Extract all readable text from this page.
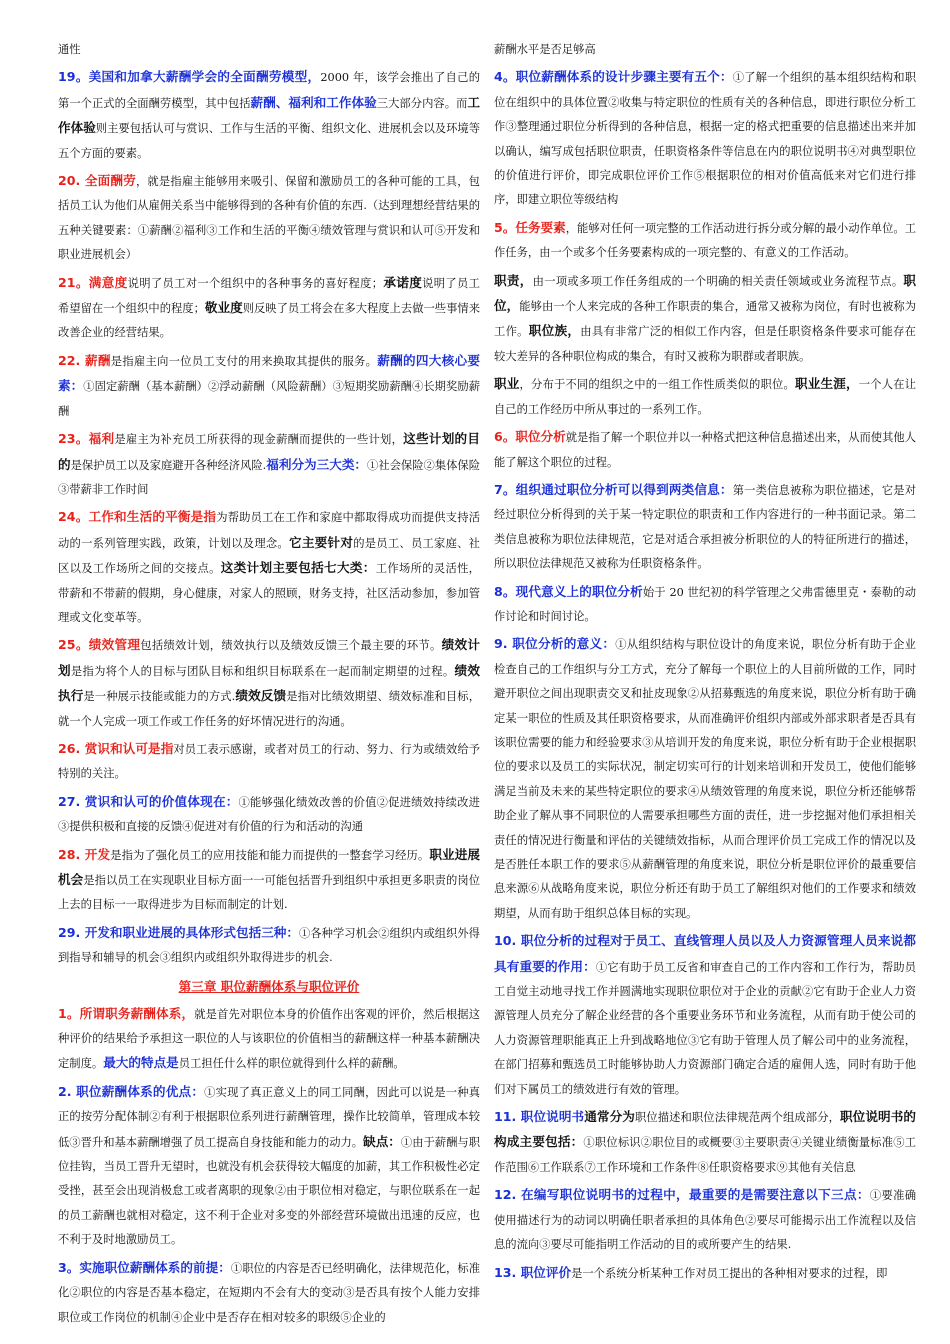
通性
19。美国和加拿大薪酬学会的全面酬劳模型，2000 年，该学会推出了自己的第一个正式的全面酬劳模型，其中包括薪酬、福利和工作体验三大部分内容。而工作体验则主要包括认可与赏识、工作与生活的平衡、组织文化、进展机会以及环境等五个方面的要素。
20. 全面酬劳，就是指雇主能够用来吸引、保留和激励员工的各种可能的工具，包括员工认为他们从雇佣关系当中能够得到的各种有价值的东西.（达到理想经营结果的五种关键要素：①薪酬②福利③工作和生活的平衡④绩效管理与赏识和认可⑤开发和职业进展机会）
21。满意度说明了员工对一个组织中的各种事务的喜好程度；承诺度说明了员工希望留在一个组织中的程度；敬业度则反映了员工将会在多大程度上去做一些事情来改善企业的经营结果。
22. 薪酬是指雇主向一位员工支付的用来换取其提供的服务。薪酬的四大核心要素：①固定薪酬（基本薪酬）②浮动薪酬（风险薪酬）③短期奖励薪酬④长期奖励薪酬
23。福利是雇主为补充员工所获得的现金薪酬而提供的一些计划，这些计划的目的是保护员工以及家庭避开各种经济风险.福利分为三大类：①社会保险②集体保险③带薪非工作时间
24。工作和生活的平衡是指为帮助员工在工作和家庭中都取得成功而提供支持活动的一系列管理实践，政策，计划以及理念。它主要针对的是员工、员工家庭、社区以及工作场所之间的交接点。这类计划主要包括七大类：工作场所的灵活性，带薪和不带薪的假期，身心健康，对家人的照顾，财务支持，社区活动参加，参加管理或文化变革等。
25。绩效管理包括绩效计划，绩效执行以及绩效反馈三个最主要的环节。绩效计划是指为将个人的目标与团队目标和组织目标联系在一起而制定期望的过程。绩效执行是一种展示技能或能力的方式.绩效反馈是指对比绩效期望、绩效标准和目标，就一个人完成一项工作或工作任务的好坏情况进行的沟通。
26. 赏识和认可是指对员工表示感谢，或者对员工的行动、努力、行为或绩效给予特别的关注。
27. 赏识和认可的价值体现在：①能够强化绩效改善的价值②促进绩效持续改进③提供积极和直接的反馈④促进对有价值的行为和活动的沟通
28. 开发是指为了强化员工的应用技能和能力而提供的一整套学习经历。职业进展机会是指以员工在实现职业目标方面一一可能包括晋升到组织中承担更多职责的岗位上去的目标一一取得进步为目标而制定的计划.
29. 开发和职业进展的具体形式包括三种：①各种学习机会②组织内或组织外得到指导和辅导的机会③组织内或组织外取得进步的机会.
第三章 职位薪酬体系与职位评价
1。所谓职务薪酬体系，就是首先对职位本身的价值作出客观的评价，然后根据这种评价的结果给予承担这一职位的人与该职位的价值相当的薪酬这样一种基本薪酬决定制度。最大的特点是员工担任什么样的职位就得到什么样的薪酬。
2. 职位薪酬体系的优点：①实现了真正意义上的同工同酬，因此可以说是一种真正的按劳分配体制②有利于根据职位系列进行薪酬管理，操作比较简单，管理成本较低③晋升和基本薪酬增强了员工提高自身技能和能力的动力。缺点：①由于薪酬与职位挂钩，当员工晋升无望时，也就没有机会获得较大幅度的加薪，其工作积极性必定受挫，甚至会出现消极怠工或者离职的现象②由于职位相对稳定，与职位联系在一起的员工薪酬也就相对稳定，这不利于企业对多变的外部经营环境做出迅速的反应，也不利于及时地激励员工。
3。实施职位薪酬体系的前提：①职位的内容是否已经明确化，法律规范化，标准化②职位的内容是否基本稳定，在短期内不会有大的变动③是否具有按个人能力安排职位或工作岗位的机制④企业中是否存在相对较多的职级⑤企业的
薪酬水平是否足够高
4。职位薪酬体系的设计步骤主要有五个：①了解一个组织的基本组织结构和职位在组织中的具体位置②收集与特定职位的性质有关的各种信息，即进行职位分析工作③整理通过职位分析得到的各种信息，根据一定的格式把重要的信息描述出来并加以确认，编写成包括职位职责，任职资格条件等信息在内的职位说明书④对典型职位的价值进行评价，即完成职位评价工作⑤根据职位的相对价值高低来对它们进行排序，即建立职位等级结构
5。任务要素，能够对任何一项完整的工作活动进行拆分或分解的最小动作单位。工作任务，由一个或多个任务要素构成的一项完整的、有意义的工作活动。
职责，由一项或多项工作任务组成的一个明确的相关责任领域或业务流程节点。职位，能够由一个人来完成的各种工作职责的集合，通常又被称为岗位，有时也被称为工作。职位族，由具有非常广泛的相似工作内容，但是任职资格条件要求可能存在较大差异的各种职位构成的集合，有时又被称为职群或者职族。
职业，分布于不同的组织之中的一组工作性质类似的职位。职业生涯，一个人在让自己的工作经历中所从事过的一系列工作。
6。职位分析就是指了解一个职位并以一种格式把这种信息描述出来，从而使其他人能了解这个职位的过程。
7。组织通过职位分析可以得到两类信息：第一类信息被称为职位描述，它是对经过职位分析得到的关于某一特定职位的职责和工作内容进行的一种书面记录。第二类信息被称为职位法律规范，它是对适合承担被分析职位的人的特征所进行的描述，所以职位法律规范又被称为任职资格条件。
8。现代意义上的职位分析始于 20 世纪初的科学管理之父弗雷德里克・泰勒的动作讨论和时间讨论。
9. 职位分析的意义：①从组织结构与职位设计的角度来说，职位分析有助于企业检查自己的工作组织与分工方式，充分了解每一个职位上的人目前所做的工作，同时避开职位之间出现职责交叉和扯皮现象②从招募甄选的角度来说，职位分析有助于确定某一职位的性质及其任职资格要求，从而准确评价组织内部或外部求职者是否具有该职位需要的能力和经验要求③从培训开发的角度来说，职位分析有助于企业根据职位的要求以及员工的实际状况，制定切实可行的计划来培训和开发员工，使他们能够满足当前及未来的某些特定职位的要求④从绩效管理的角度来说，职位分析还能够帮助企业了解从事不同职位的人需要承担哪些方面的责任，进一步挖掘对他们承担相关责任的情况进行衡量和评估的关键绩效指标，从而合理评价员工完成工作的情况以及是否胜任本职工作的要求⑤从薪酬管理的角度来说，职位分析是职位评价的最重要信息来源⑥从战略角度来说，职位分析还有助于员工了解组织对他们的工作要求和绩效期望，从而有助于组织总体目标的实现。
10. 职位分析的过程对于员工、直线管理人员以及人力资源管理人员来说都具有重要的作用：①它有助于员工反省和审查自己的工作内容和工作行为，帮助员工自觉主动地寻找工作并圆满地实现职位职位对于企业的贡献②它有助于企业人力资源管理人员充分了解企业经营的各个重要业务环节和业务流程，从而有助于使公司的人力资源管理职能真正上升到战略地位③它有助于管理人员了解公司中的业务流程，在部门招募和甄选员工时能够协助人力资源部门确定合适的雇佣人选，同时有助于他们对下属员工的绩效进行有效的管理。
11. 职位说明书通常分为职位描述和职位法律规范两个组成部分，职位说明书的构成主要包括：①职位标识②职位目的或概要③主要职责④关键业绩衡量标准⑤工作范围⑥工作联系⑦工作环境和工作条件⑧任职资格要求⑨其他有关信息
12. 在编写职位说明书的过程中，最重要的是需要注意以下三点：①要准确使用描述行为的动词以明确任职者承担的具体角色②要尽可能揭示出工作流程以及信息的流向③要尽可能指明工作活动的目的或所要产生的结果.
13. 职位评价是一个系统分析某种工作对员工提出的各种相对要求的过程，即
